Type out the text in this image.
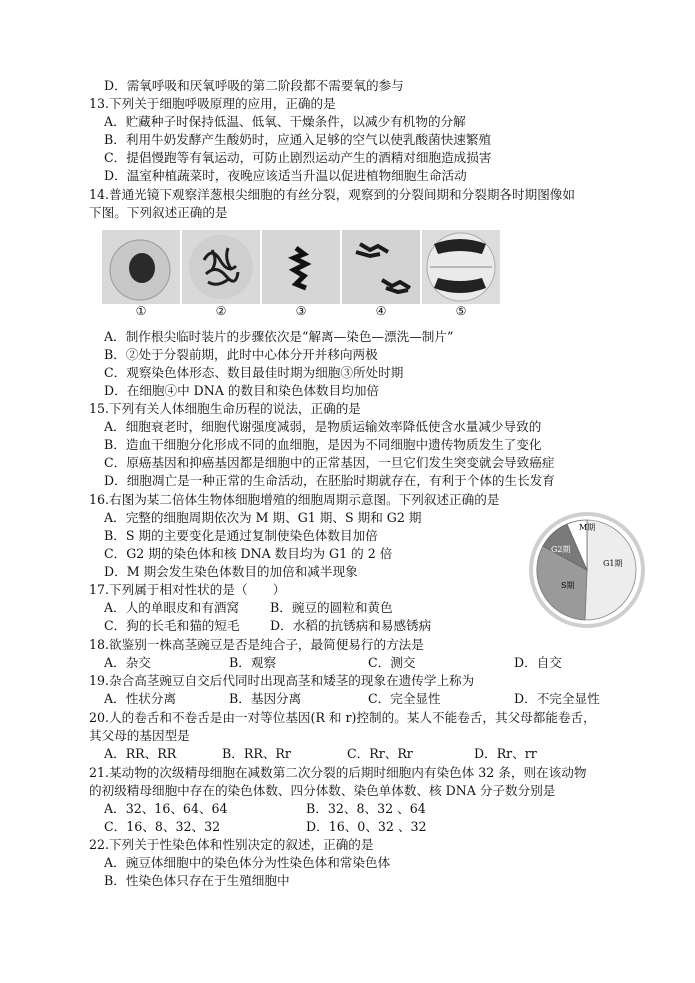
D．需氧呼吸和厌氧呼吸的第二阶段都不需要氧的参与
13.下列关于细胞呼吸原理的应用，正确的是
A．贮藏种子时保持低温、低氧、干燥条件，以减少有机物的分解
B．利用牛奶发酵产生酸奶时，应通入足够的空气以使乳酸菌快速繁殖
C．提倡慢跑等有氧运动，可防止剧烈运动产生的酒精对细胞造成损害
D．温室种植蔬菜时，夜晚应该适当升温以促进植物细胞生命活动
14.普通光镜下观察洋葱根尖细胞的有丝分裂，观察到的分裂间期和分裂期各时期图像如
下图。下列叙述正确的是
①	②	③	④	⑤
A．制作根尖临时装片的步骤依次是“解离—染色—漂洗—制片”
B．②处于分裂前期，此时中心体分开并移向两极
C．观察染色体形态、数目最佳时期为细胞③所处时期
D．在细胞④中 DNA 的数目和染色体数目均加倍
15.下列有关人体细胞生命历程的说法，正确的是
A．细胞衰老时，细胞代谢强度减弱，是物质运输效率降低使含水量减少导致的
B．造血干细胞分化形成不同的血细胞，是因为不同细胞中遗传物质发生了变化
C．原癌基因和抑癌基因都是细胞中的正常基因，一旦它们发生突变就会导致癌症
D．细胞凋亡是一种正常的生命活动，在胚胎时期就存在，有利于个体的生长发育
16.右图为某二倍体生物体细胞增殖的细胞周期示意图。下列叙述正确的是
A．完整的细胞周期依次为 M 期、G1 期、S 期和 G2 期
B．S 期的主要变化是通过复制使染色体数目加倍
C．G2 期的染色体和核 DNA 数目均为 G1 的 2 倍
D．M 期会发生染色体数目的加倍和减半现象
M期
G2期
S期
G1期
17.下列属于相对性状的是（　　）
A．人的单眼皮和有酒窝 B．豌豆的圆粒和黄色
C．狗的长毛和猫的短毛 D．水稻的抗锈病和易感锈病
18.欲鉴别一株高茎豌豆是否是纯合子，最简便易行的方法是
A．杂交	B．观察	C．测交	D．自交
19.杂合高茎豌豆自交后代同时出现高茎和矮茎的现象在遗传学上称为
A．性状分离	B．基因分离	C．完全显性	D．不完全显性
20.人的卷舌和不卷舌是由一对等位基因(R 和 r)控制的。某人不能卷舌，其父母都能卷舌，
其父母的基因型是
A．RR、RR	B．RR、Rr	C．Rr、Rr	D．Rr、rr
21.某动物的次级精母细胞在减数第二次分裂的后期时细胞内有染色体 32 条，则在该动物
的初级精母细胞中存在的染色体数、四分体数、染色单体数、核 DNA 分子数分别是
A．32、16、64、64	B．32、8、32 、64
C．16、8、32、32	D．16、0、32 、32
22.下列关于性染色体和性别决定的叙述，正确的是
A．豌豆体细胞中的染色体分为性染色体和常染色体
B．性染色体只存在于生殖细胞中
